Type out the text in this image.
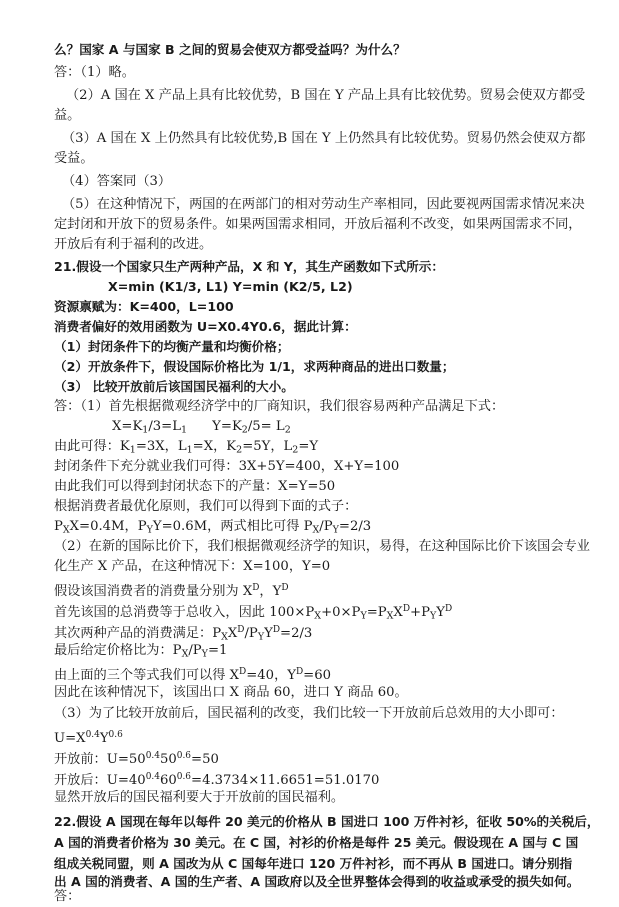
么？国家 A 与国家 B 之间的贸易会使双方都受益吗？为什么？
答：（1）略。
（2）A 国在 X 产品上具有比较优势，B 国在 Y 产品上具有比较优势。贸易会使双方都受
益。
（3）A 国在 X 上仍然具有比较优势,B 国在 Y 上仍然具有比较优势。贸易仍然会使双方都
受益。
（4）答案同（3）
（5）在这种情况下，两国的在两部门的相对劳动生产率相同，因此要视两国需求情况来决
定封闭和开放下的贸易条件。如果两国需求相同，开放后福利不改变，如果两国需求不同，
开放后有利于福利的改进。
21.假设一个国家只生产两种产品，X 和 Y，其生产函数如下式所示：
X=min (K1/3, L1) Y=min (K2/5, L2)
资源禀赋为：K=400，L=100
消费者偏好的效用函数为 U=X0.4Y0.6，据此计算：
（1）封闭条件下的均衡产量和均衡价格；
（2）开放条件下，假设国际价格比为 1/1，求两种商品的进出口数量；
（3） 比较开放前后该国国民福利的大小。
答：（1）首先根据微观经济学中的厂商知识，我们很容易两种产品满足下式：
$X=K_1/3=L_1$      $Y=K_2/5= L_2$
由此可得：$K_1=3X$，$L_1=X$，$K_2=5Y$，$L_2=Y$
封闭条件下充分就业我们可得：3X+5Y=400，X+Y=100
由此我们可以得到封闭状态下的产量：X=Y=50
根据消费者最优化原则，我们可以得到下面的式子：
$P_XX=0.4M$，$P_YY=0.6M$，两式相比可得 $P_X/P_Y=2/3$
（2）在新的国际比价下，我们根据微观经济学的知识，易得，在这种国际比价下该国会专业
化生产 X 产品，在这种情况下：X=100，Y=0
假设该国消费者的消费量分别为 $X^D$，$Y^D$
首先该国的总消费等于总收入，因此 $100\times P_X+0\times P_Y=P_XX^D+P_YY^D$
其次两种产品的消费满足：$P_XX^D/P_YY^D=2/3$
最后给定价格比为：$P_X/P_Y=1$
由上面的三个等式我们可以得 $X^D=40$，$Y^D=60$
因此在该种情况下，该国出口 X 商品 60，进口 Y 商品 60。
（3）为了比较开放前后，国民福利的改变，我们比较一下开放前后总效用的大小即可：
$U=X^{0.4}Y^{0.6}$
开放前：$U=50^{0.4}50^{0.6}=50$
开放后：$U=40^{0.4}60^{0.6}=4.3734\times 11.6651=51.0170$
显然开放后的国民福利要大于开放前的国民福利。
22.假设 A 国现在每年以每件 20 美元的价格从 B 国进口 100 万件衬衫，征收 50%的关税后，
A 国的消费者价格为 30 美元。在 C 国，衬衫的价格是每件 25 美元。假设现在 A 国与 C 国
组成关税同盟，则 A 国改为从 C 国每年进口 120 万件衬衫，而不再从 B 国进口。请分别指
出 A 国的消费者、A 国的生产者、A 国政府以及全世界整体会得到的收益或承受的损失如何。
答：
